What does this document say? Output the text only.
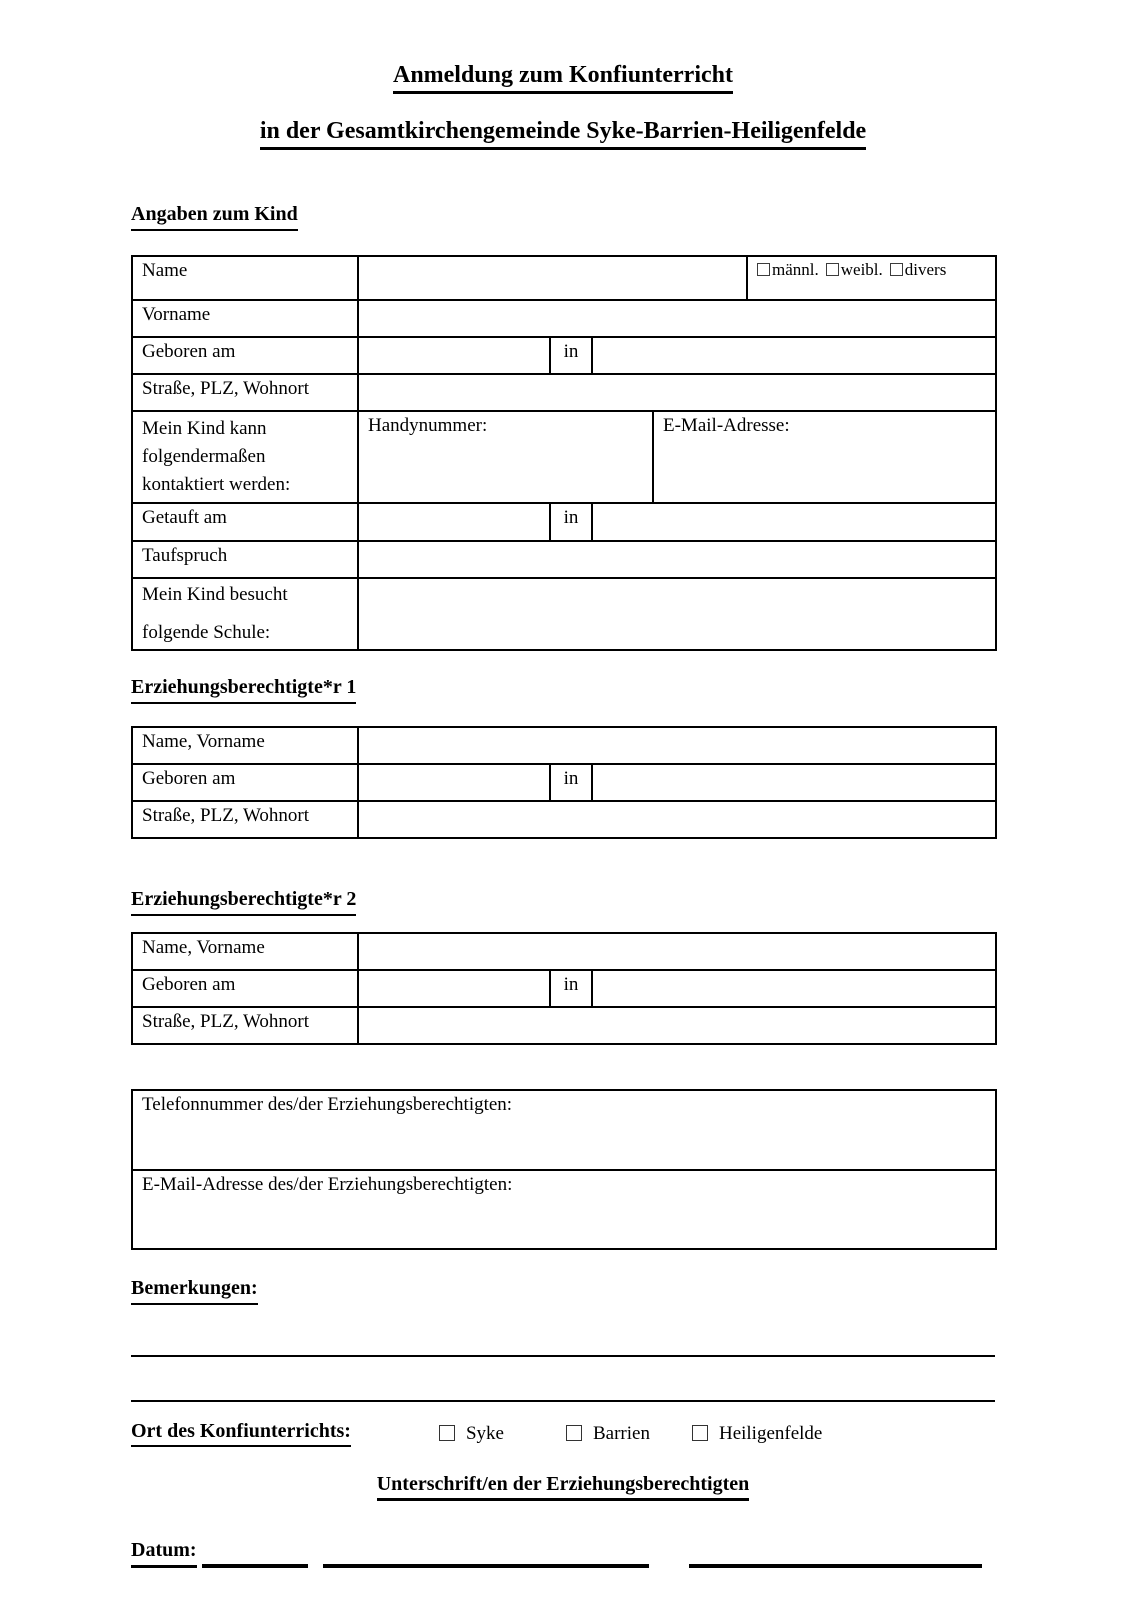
Anmeldung zum Konfiunterricht
in der Gesamtkirchengemeinde Syke-Barrien-Heiligenfelde
Angaben zum Kind
Name					männl. weibl. divers
Vorname					
Geboren am		in			
Straße, PLZ, Wohnort					

Mein Kind kann
folgendermaßen
kontaktiert werden:	Handynummer:			E-Mail-Adresse:	
Getauft am		in			
Taufspruch					

Mein Kind besucht
folgende Schule:					

Erziehungsberechtigte*r 1
Name, Vorname			
Geboren am		in	
Straße, PLZ, Wohnort			
Erziehungsberechtigte*r 2
Name, Vorname			
Geboren am		in	
Straße, PLZ, Wohnort			
Telefonnummer des/der Erziehungsberechtigten:
E-Mail-Adresse des/der Erziehungsberechtigten:
Bemerkungen:
Ort des Konfiunterrichts:	Syke	Barrien	Heiligenfelde
Unterschrift/en der Erziehungsberechtigten
Datum:
